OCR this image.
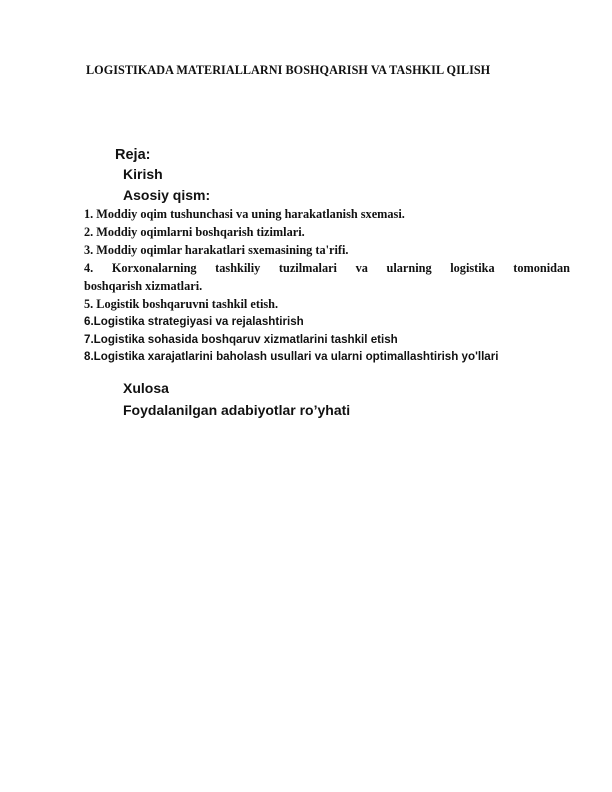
LOGISTIKADA MATERIALLARNI BOSHQARISH VA TASHKIL QILISH
Reja:
Kirish
Asosiy qism:
1. Moddiy oqim tushunchasi va uning harakatlanish sxemasi.
2. Moddiy oqimlarni boshqarish tizimlari.
3. Moddiy oqimlar harakatlari sxemasining ta'rifi.
4. Korxonalarning tashkiliy tuzilmalari va ularning logistika tomonidan
boshqarish xizmatlari.
5. Logistik boshqaruvni tashkil etish.
6.Logistika strategiyasi va rejalashtirish
7.Logistika sohasida boshqaruv xizmatlarini tashkil etish
8.Logistika xarajatlarini baholash usullari va ularni optimallashtirish yo'llari
Xulosa
Foydalanilgan adabiyotlar ro’yhati
